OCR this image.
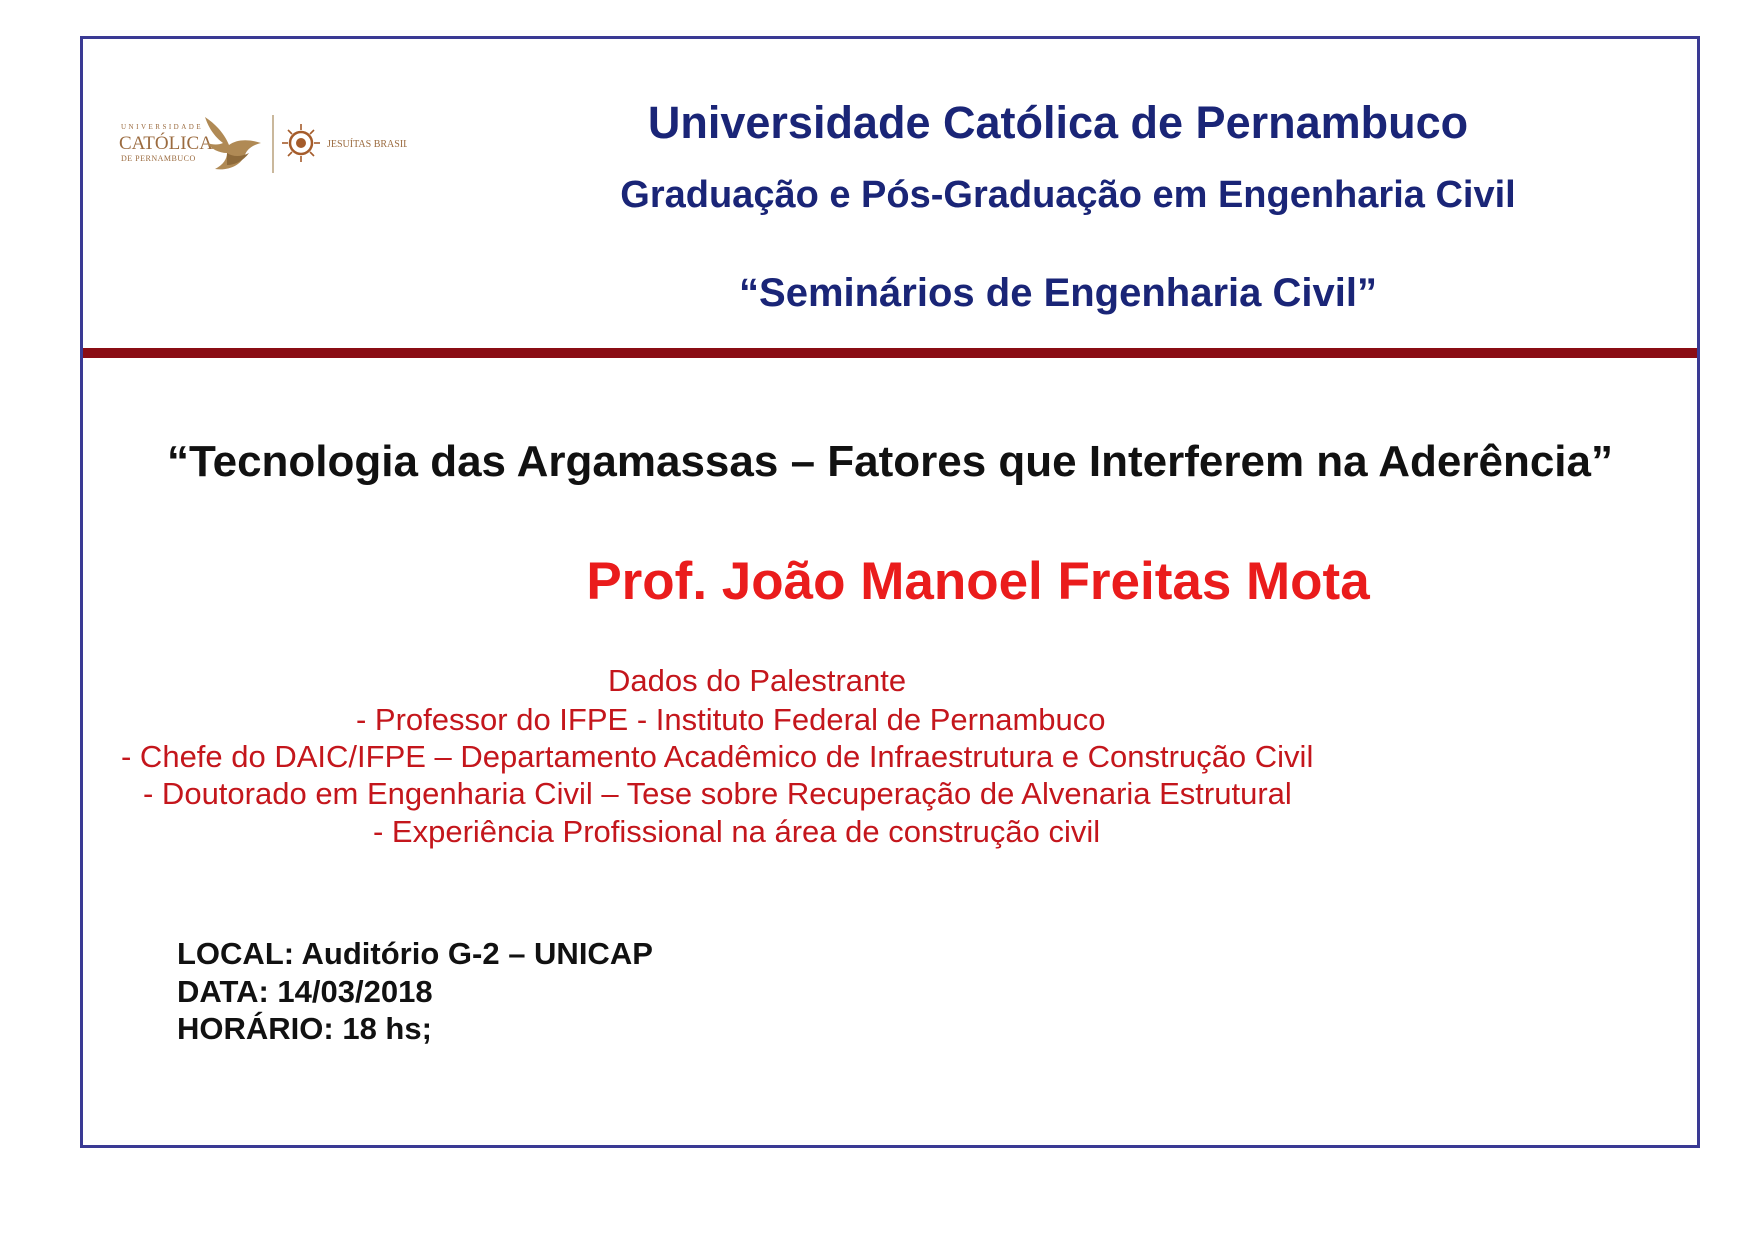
UNIVERSIDADE
CATÓLICA
DE PERNAMBUCO
JESUÍTAS BRASIL	Universidade Católica de Pernambuco
Graduação e Pós-Graduação em Engenharia Civil
“Seminários de Engenharia Civil”
“Tecnologia das Argamassas – Fatores que Interferem na Aderência”
Prof. João Manoel Freitas Mota
Dados do Palestrante
- Professor do IFPE - Instituto Federal de Pernambuco
- Chefe do DAIC/IFPE – Departamento Acadêmico de Infraestrutura e Construção Civil
- Doutorado em Engenharia Civil – Tese sobre Recuperação de Alvenaria Estrutural
- Experiência Profissional na área de construção civil
LOCAL: Auditório G-2 – UNICAP
DATA: 14/03/2018
HORÁRIO: 18 hs;
